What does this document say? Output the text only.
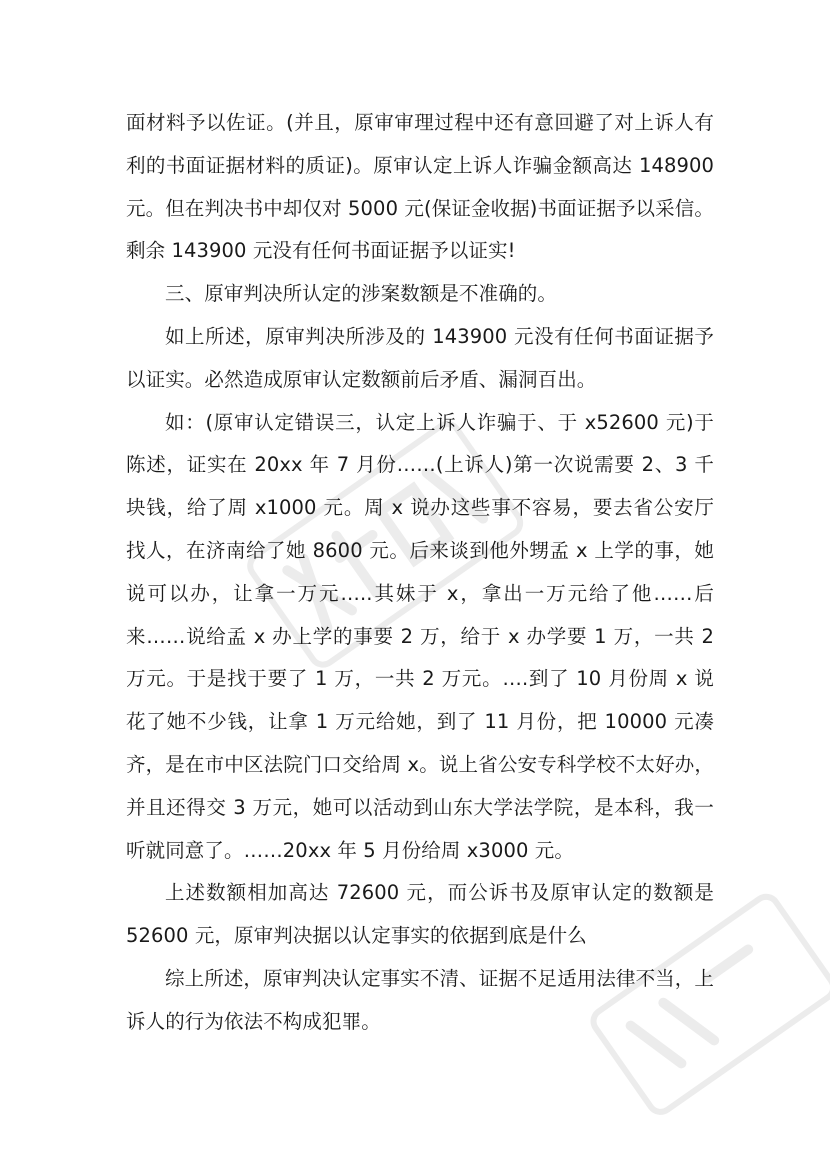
面材料予以佐证。(并且，原审审理过程中还有意回避了对上诉人有利的书面证据材料的质证)。原审认定上诉人诈骗金额高达 148900 元。但在判决书中却仅对 5000 元(保证金收据)书面证据予以采信。剩余 143900 元没有任何书面证据予以证实!

三、原审判决所认定的涉案数额是不准确的。

如上所述，原审判决所涉及的 143900 元没有任何书面证据予以证实。必然造成原审认定数额前后矛盾、漏洞百出。

如：(原审认定错误三，认定上诉人诈骗于、于 x52600 元)于陈述，证实在 20xx 年 7 月份……(上诉人)第一次说需要 2、3 千块钱，给了周 x1000 元。周 x 说办这些事不容易，要去省公安厅找人，在济南给了她 8600 元。后来谈到他外甥孟 x 上学的事，她说可以办，让拿一万元…..其妹于 x，拿出一万元给了他……后来……说给孟 x 办上学的事要 2 万，给于 x 办学要 1 万，一共 2 万元。于是找于要了 1 万，一共 2 万元。….到了 10 月份周 x 说花了她不少钱，让拿 1 万元给她，到了 11 月份，把 10000 元凑齐，是在市中区法院门口交给周 x。说上省公安专科学校不太好办，并且还得交 3 万元，她可以活动到山东大学法学院，是本科，我一听就同意了。……20xx 年 5 月份给周 x3000 元。

上述数额相加高达 72600 元，而公诉书及原审认定的数额是 52600 元，原审判决据以认定事实的依据到底是什么

综上所述，原审判决认定事实不清、证据不足适用法律不当，上诉人的行为依法不构成犯罪。
